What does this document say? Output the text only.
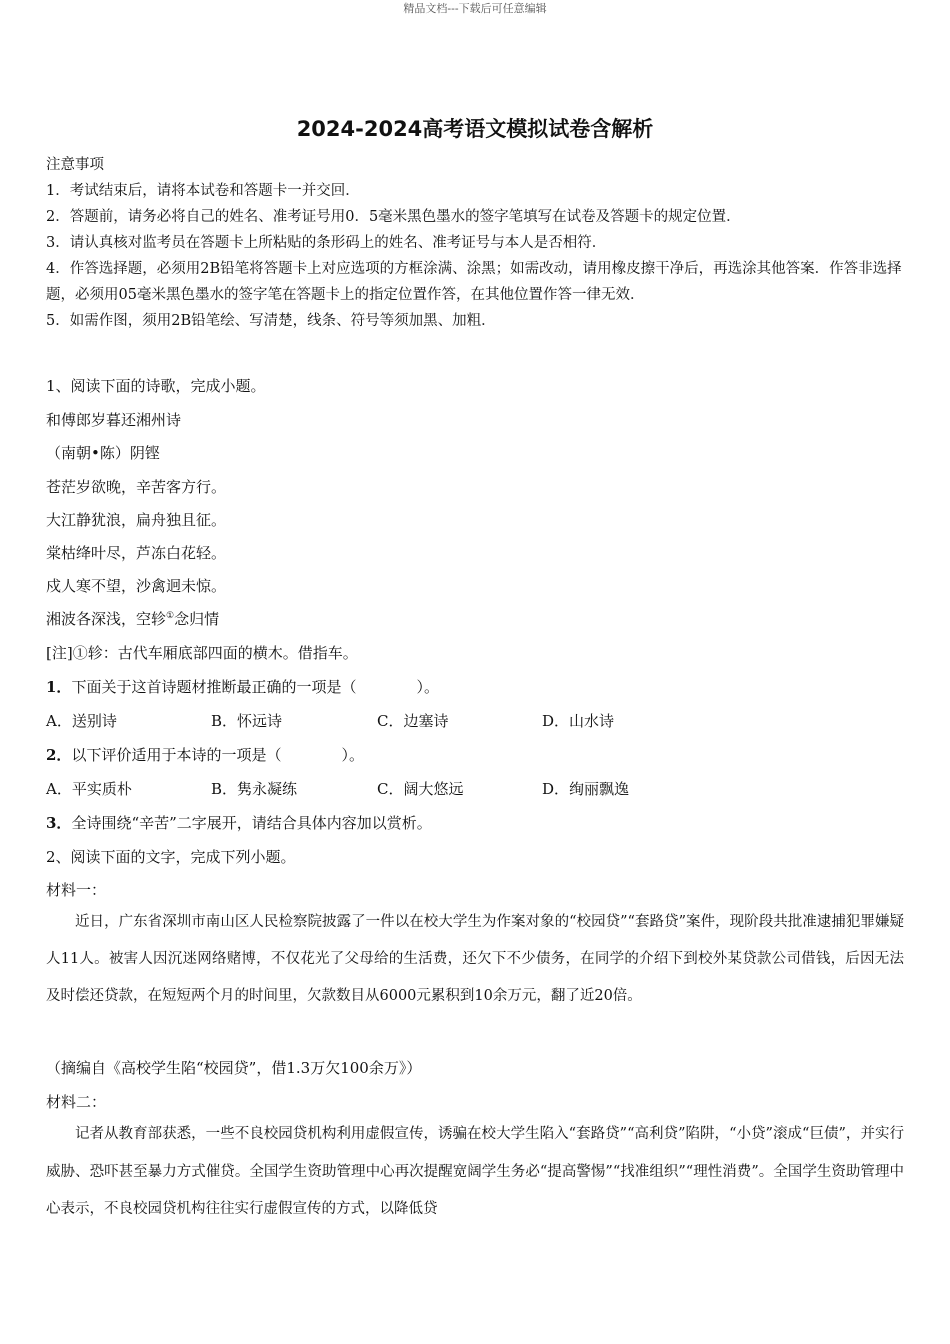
精品文档---下载后可任意编辑
2024-2024高考语文模拟试卷含解析

注意事项

1．考试结束后，请将本试卷和答题卡一并交回．

2．答题前，请务必将自己的姓名、准考证号用0．5毫米黑色墨水的签字笔填写在试卷及答题卡的规定位置．

3．请认真核对监考员在答题卡上所粘贴的条形码上的姓名、准考证号与本人是否相符．

4．作答选择题，必须用2B铅笔将答题卡上对应选项的方框涂满、涂黑；如需改动，请用橡皮擦干净后，再选涂其他答案．作答非选择题，必须用05毫米黑色墨水的签字笔在答题卡上的指定位置作答，在其他位置作答一律无效．

5．如需作图，须用2B铅笔绘、写清楚，线条、符号等须加黑、加粗．

1、阅读下面的诗歌，完成小题。
和傅郎岁暮还湘州诗
（南朝•陈）阴铿
苍茫岁欲晚，辛苦客方行。
大江静犹浪，扁舟独且征。
棠枯绛叶尽，芦冻白花轻。
戍人寒不望，沙禽迥未惊。
湘波各深浅，空轸①念归情
[注]①轸：古代车厢底部四面的横木。借指车。
1．下面关于这首诗题材推断最正确的一项是（　　　　）。
A．送别诗	B．怀远诗	C．边塞诗	D．山水诗
2．以下评价适用于本诗的一项是（　　　　）。
A．平实质朴	B．隽永凝练	C．阔大悠远	D．绚丽飘逸
3．全诗围绕“辛苦”二字展开，请结合具体内容加以赏析。
2、阅读下面的文字，完成下列小题。
材料一：
近日，广东省深圳市南山区人民检察院披露了一件以在校大学生为作案对象的“校园贷”“套路贷”案件，现阶段共批准逮捕犯罪嫌疑人11人。被害人因沉迷网络赌博，不仅花光了父母给的生活费，还欠下不少债务，在同学的介绍下到校外某贷款公司借钱，后因无法及时偿还贷款，在短短两个月的时间里，欠款数目从6000元累积到10余万元，翻了近20倍。
（摘编自《高校学生陷“校园贷”，借1.3万欠100余万》）
材料二：
记者从教育部获悉，一些不良校园贷机构利用虚假宣传，诱骗在校大学生陷入“套路贷”“高利贷”陷阱，“小贷”滚成“巨债”，并实行威胁、恐吓甚至暴力方式催贷。全国学生资助管理中心再次提醒宽阔学生务必“提高警惕”“找准组织”“理性消费”。全国学生资助管理中心表示，不良校园贷机构往往实行虚假宣传的方式，以降低贷
